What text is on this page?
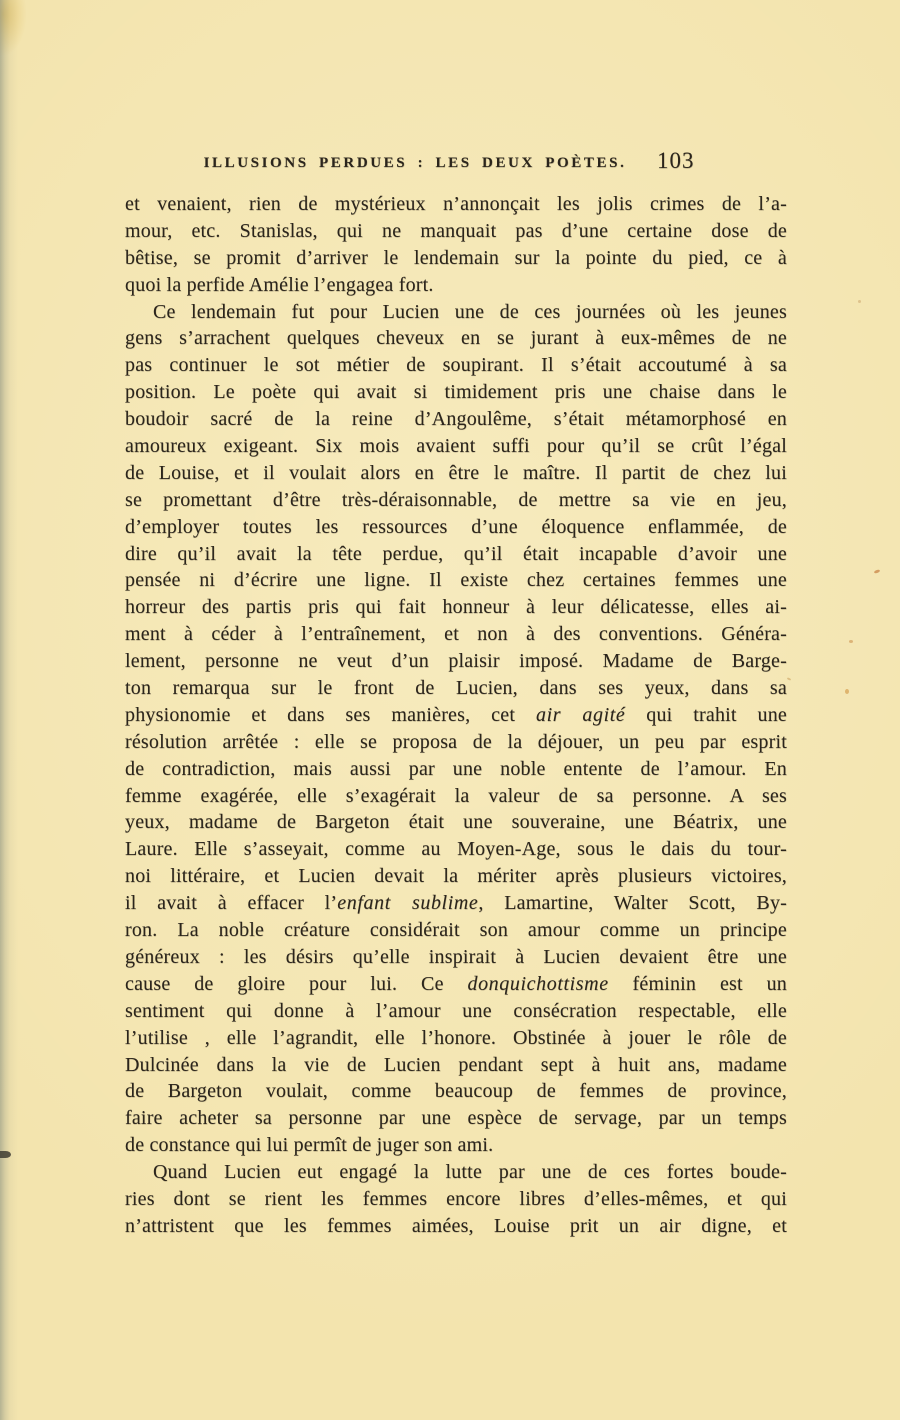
ILLUSIONS PERDUES : LES DEUX POÈTES. 103
et venaient, rien de mystérieux n’annonçait les jolis crimes de l’a-
mour, etc. Stanislas, qui ne manquait pas d’une certaine dose de
bêtise, se promit d’arriver le lendemain sur la pointe du pied, ce à
quoi la perfide Amélie l’engagea fort.
Ce lendemain fut pour Lucien une de ces journées où les jeunes
gens s’arrachent quelques cheveux en se jurant à eux-mêmes de ne
pas continuer le sot métier de soupirant. Il s’était accoutumé à sa
position. Le poète qui avait si timidement pris une chaise dans le
boudoir sacré de la reine d’Angoulême, s’était métamorphosé en
amoureux exigeant. Six mois avaient suffi pour qu’il se crût l’égal
de Louise, et il voulait alors en être le maître. Il partit de chez lui
se promettant d’être très-déraisonnable, de mettre sa vie en jeu,
d’employer toutes les ressources d’une éloquence enflammée, de
dire qu’il avait la tête perdue, qu’il était incapable d’avoir une
pensée ni d’écrire une ligne. Il existe chez certaines femmes une
horreur des partis pris qui fait honneur à leur délicatesse, elles ai-
ment à céder à l’entraînement, et non à des conventions. Généra-
lement, personne ne veut d’un plaisir imposé. Madame de Barge-
ton remarqua sur le front de Lucien, dans ses yeux, dans sa
physionomie et dans ses manières, cet air agité qui trahit une
résolution arrêtée : elle se proposa de la déjouer, un peu par esprit
de contradiction, mais aussi par une noble entente de l’amour. En
femme exagérée, elle s’exagérait la valeur de sa personne. A ses
yeux, madame de Bargeton était une souveraine, une Béatrix, une
Laure. Elle s’asseyait, comme au Moyen-Age, sous le dais du tour-
noi littéraire, et Lucien devait la mériter après plusieurs victoires,
il avait à effacer l’enfant sublime, Lamartine, Walter Scott, By-
ron. La noble créature considérait son amour comme un principe
généreux : les désirs qu’elle inspirait à Lucien devaient être une
cause de gloire pour lui. Ce donquichottisme féminin est un
sentiment qui donne à l’amour une consécration respectable, elle
l’utilise , elle l’agrandit, elle l’honore. Obstinée à jouer le rôle de
Dulcinée dans la vie de Lucien pendant sept à huit ans, madame
de Bargeton voulait, comme beaucoup de femmes de province,
faire acheter sa personne par une espèce de servage, par un temps
de constance qui lui permît de juger son ami.
Quand Lucien eut engagé la lutte par une de ces fortes boude-
ries dont se rient les femmes encore libres d’elles-mêmes, et qui
n’attristent que les femmes aimées, Louise prit un air digne, et
